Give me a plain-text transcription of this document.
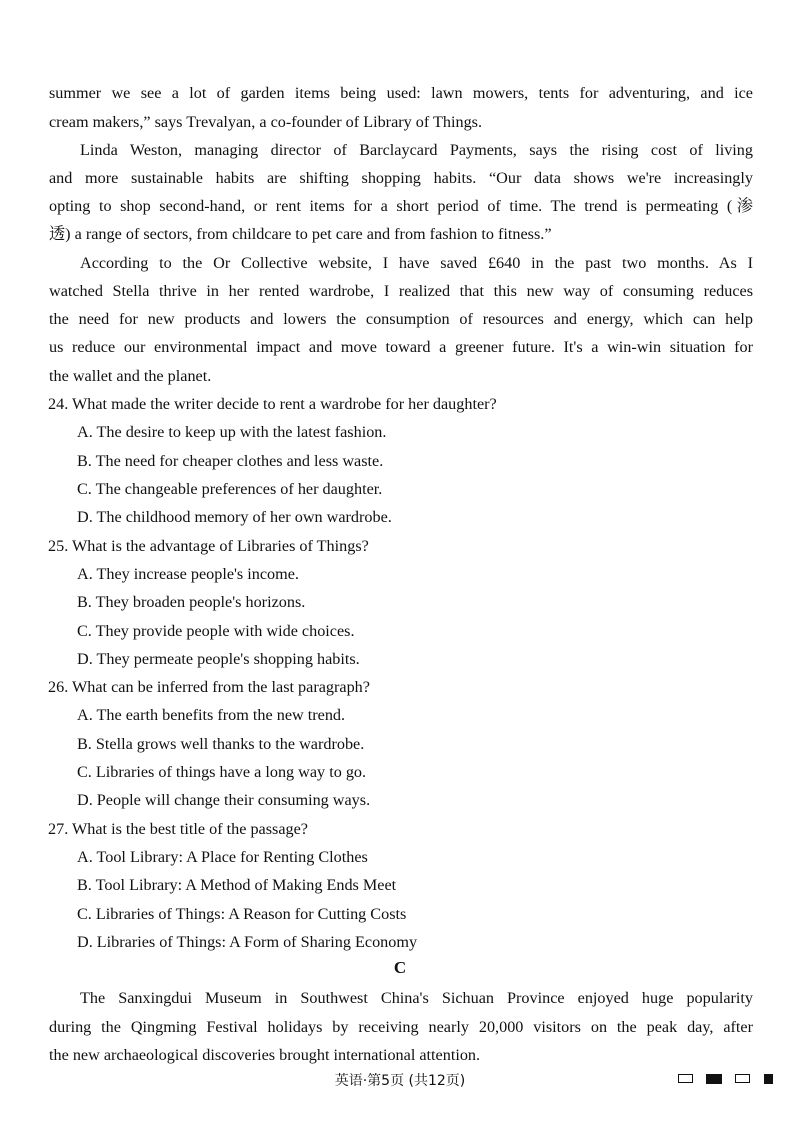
summer we see a lot of garden items being used: lawn mowers, tents for adventuring, and ice
cream makers,” says Trevalyan, a co-founder of Library of Things.
Linda Weston, managing director of Barclaycard Payments, says the rising cost of living
and more sustainable habits are shifting shopping habits. “Our data shows we're increasingly
opting to shop second-hand, or rent items for a short period of time. The trend is permeating (渗
透) a range of sectors, from childcare to pet care and from fashion to fitness.”
According to the Or Collective website, I have saved £640 in the past two months. As I
watched Stella thrive in her rented wardrobe, I realized that this new way of consuming reduces
the need for new products and lowers the consumption of resources and energy, which can help
us reduce our environmental impact and move toward a greener future. It's a win-win situation for
the wallet and the planet.
24. What made the writer decide to rent a wardrobe for her daughter?
A. The desire to keep up with the latest fashion.
B. The need for cheaper clothes and less waste.
C. The changeable preferences of her daughter.
D. The childhood memory of her own wardrobe.
25. What is the advantage of Libraries of Things?
A. They increase people's income.
B. They broaden people's horizons.
C. They provide people with wide choices.
D. They permeate people's shopping habits.
26. What can be inferred from the last paragraph?
A. The earth benefits from the new trend.
B. Stella grows well thanks to the wardrobe.
C. Libraries of things have a long way to go.
D. People will change their consuming ways.
27. What is the best title of the passage?
A. Tool Library: A Place for Renting Clothes
B. Tool Library: A Method of Making Ends Meet
C. Libraries of Things: A Reason for Cutting Costs
D. Libraries of Things: A Form of Sharing Economy
C
The Sanxingdui Museum in Southwest China's Sichuan Province enjoyed huge popularity
during the Qingming Festival holidays by receiving nearly 20,000 visitors on the peak day, after
the new archaeological discoveries brought international attention.
英语·第5页 (共12页)
